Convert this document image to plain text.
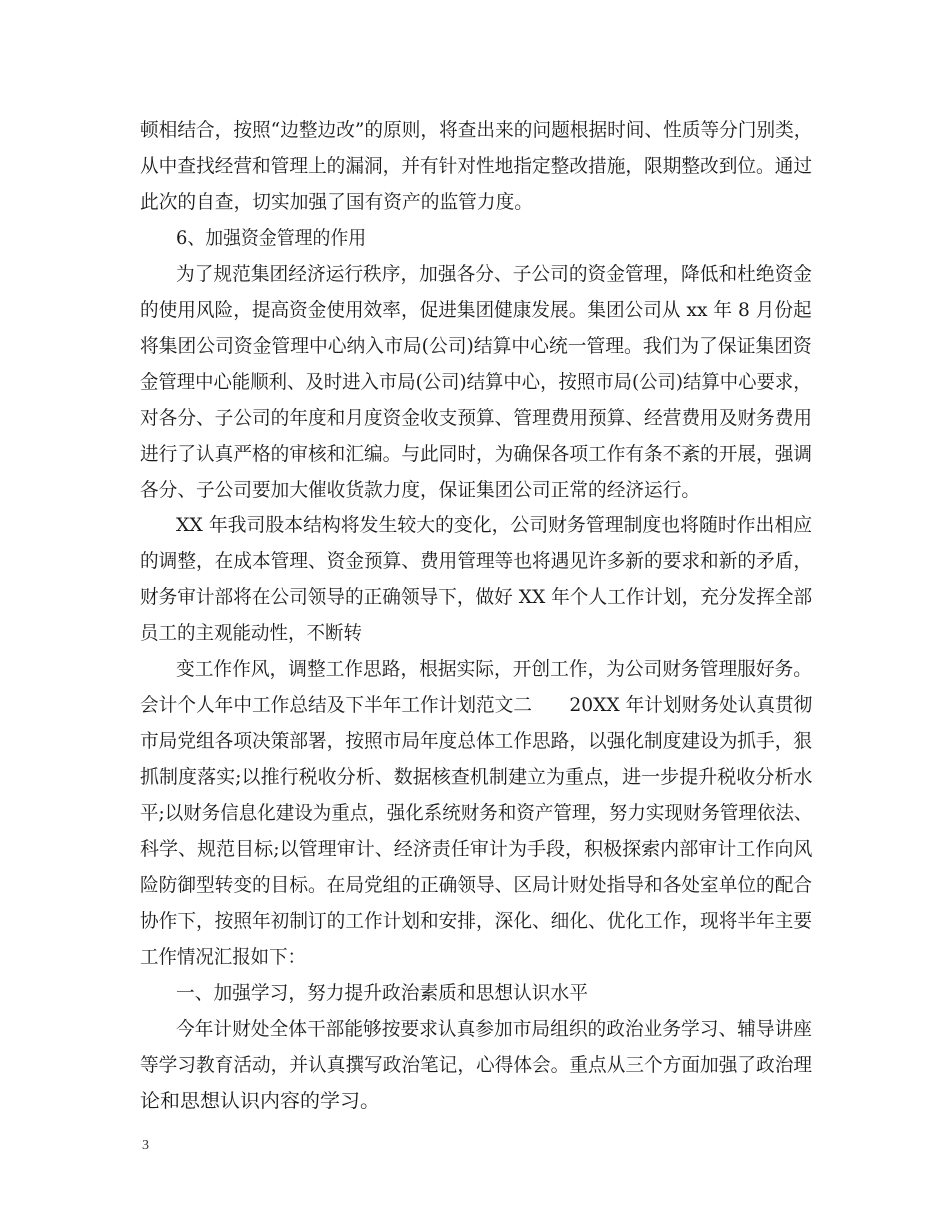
顿相结合，按照“边整边改”的原则，将查出来的问题根据时间、性质等分门别类，

从中查找经营和管理上的漏洞，并有针对性地指定整改措施，限期整改到位。通过

此次的自查，切实加强了国有资产的监管力度。

6、加强资金管理的作用

为了规范集团经济运行秩序，加强各分、子公司的资金管理，降低和杜绝资金

的使用风险，提高资金使用效率，促进集团健康发展。集团公司从 xx 年 8 月份起

将集团公司资金管理中心纳入市局(公司)结算中心统一管理。我们为了保证集团资

金管理中心能顺利、及时进入市局(公司)结算中心，按照市局(公司)结算中心要求，

对各分、子公司的年度和月度资金收支预算、管理费用预算、经营费用及财务费用

进行了认真严格的审核和汇编。与此同时，为确保各项工作有条不紊的开展，强调

各分、子公司要加大催收货款力度，保证集团公司正常的经济运行。

XX 年我司股本结构将发生较大的变化，公司财务管理制度也将随时作出相应

的调整，在成本管理、资金预算、费用管理等也将遇见许多新的要求和新的矛盾，

财务审计部将在公司领导的正确领导下，做好 XX 年个人工作计划，充分发挥全部

员工的主观能动性，不断转

变工作作风，调整工作思路，根据实际，开创工作，为公司财务管理服好务。

会计个人年中工作总结及下半年工作计划范文二　　20XX 年计划财务处认真贯彻

市局党组各项决策部署，按照市局年度总体工作思路，以强化制度建设为抓手，狠

抓制度落实;以推行税收分析、数据核查机制建立为重点，进一步提升税收分析水

平;以财务信息化建设为重点，强化系统财务和资产管理，努力实现财务管理依法、

科学、规范目标;以管理审计、经济责任审计为手段，积极探索内部审计工作向风

险防御型转变的目标。在局党组的正确领导、区局计财处指导和各处室单位的配合

协作下，按照年初制订的工作计划和安排，深化、细化、优化工作，现将半年主要

工作情况汇报如下：

一、加强学习，努力提升政治素质和思想认识水平

今年计财处全体干部能够按要求认真参加市局组织的政治业务学习、辅导讲座

等学习教育活动，并认真撰写政治笔记，心得体会。重点从三个方面加强了政治理

论和思想认识内容的学习。

3
